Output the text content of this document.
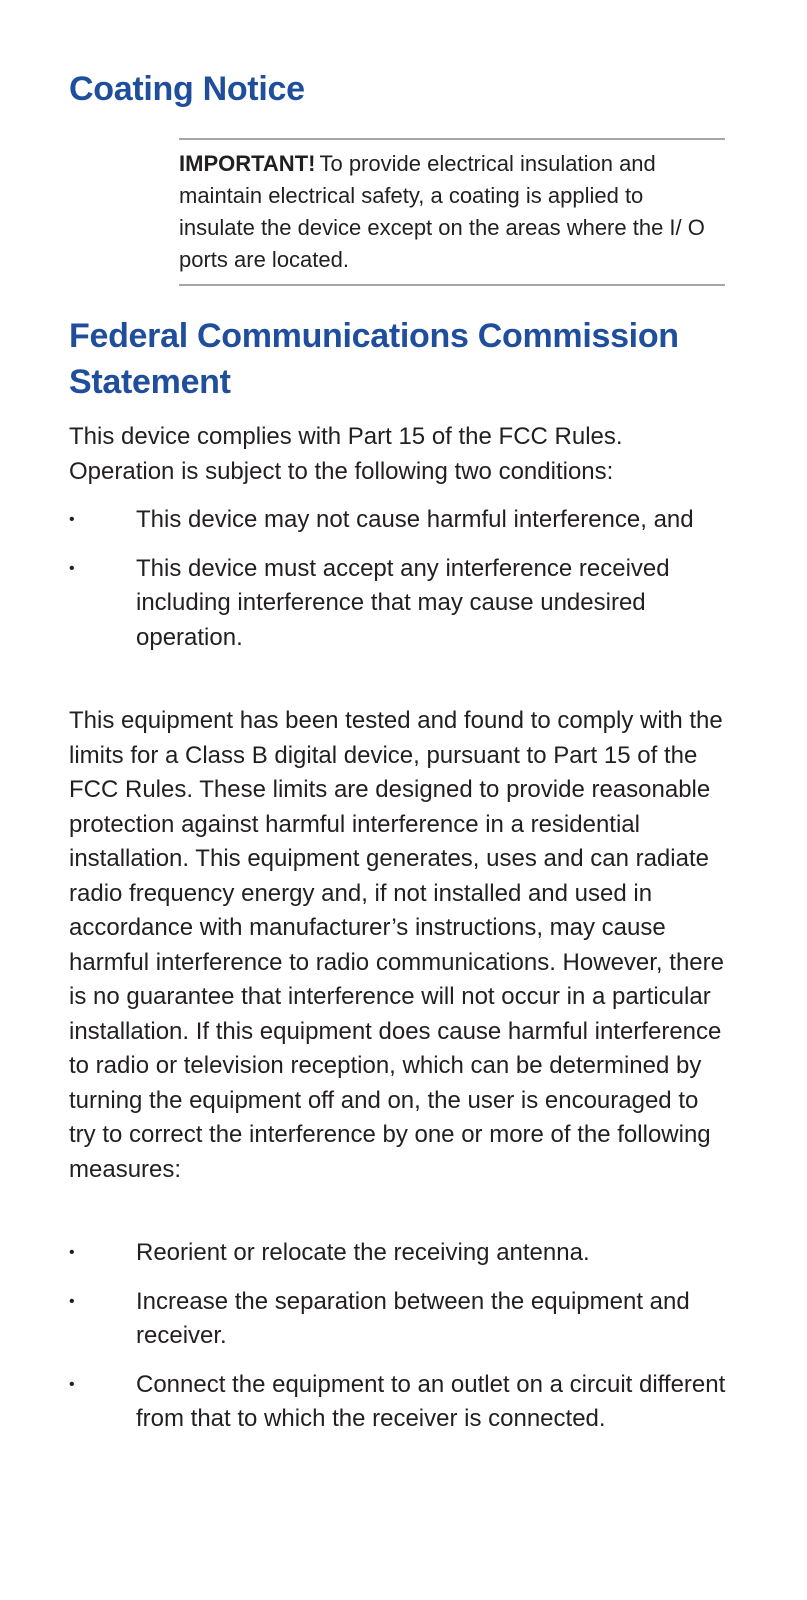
Coating Notice

IMPORTANT! To provide electrical insulation and maintain electrical safety, a coating is applied to insulate the device except on the areas where the I/ O ports are located.

Federal Communications Commission Statement

This device complies with Part 15 of the FCC Rules. Operation is subject to the following two conditions:

•	This device may not cause harmful interference, and
•	This device must accept any interference received including interference that may cause undesired operation.

This equipment has been tested and found to comply with the limits for a Class B digital device, pursuant to Part 15 of the FCC Rules. These limits are designed to provide reasonable protection against harmful interference in a residential installation. This equipment generates, uses and can radiate radio frequency energy and, if not installed and used in accordance with manufacturer’s instructions, may cause harmful interference to radio communications. However, there is no guarantee that interference will not occur in a particular installation. If this equipment does cause harmful interference to radio or television reception, which can be determined by turning the equipment off and on, the user is encouraged to try to correct the interference by one or more of the following measures:

•	Reorient or relocate the receiving antenna.
•	Increase the separation between the equipment and receiver.
•	Connect the equipment to an outlet on a circuit different from that to which the receiver is connected.
